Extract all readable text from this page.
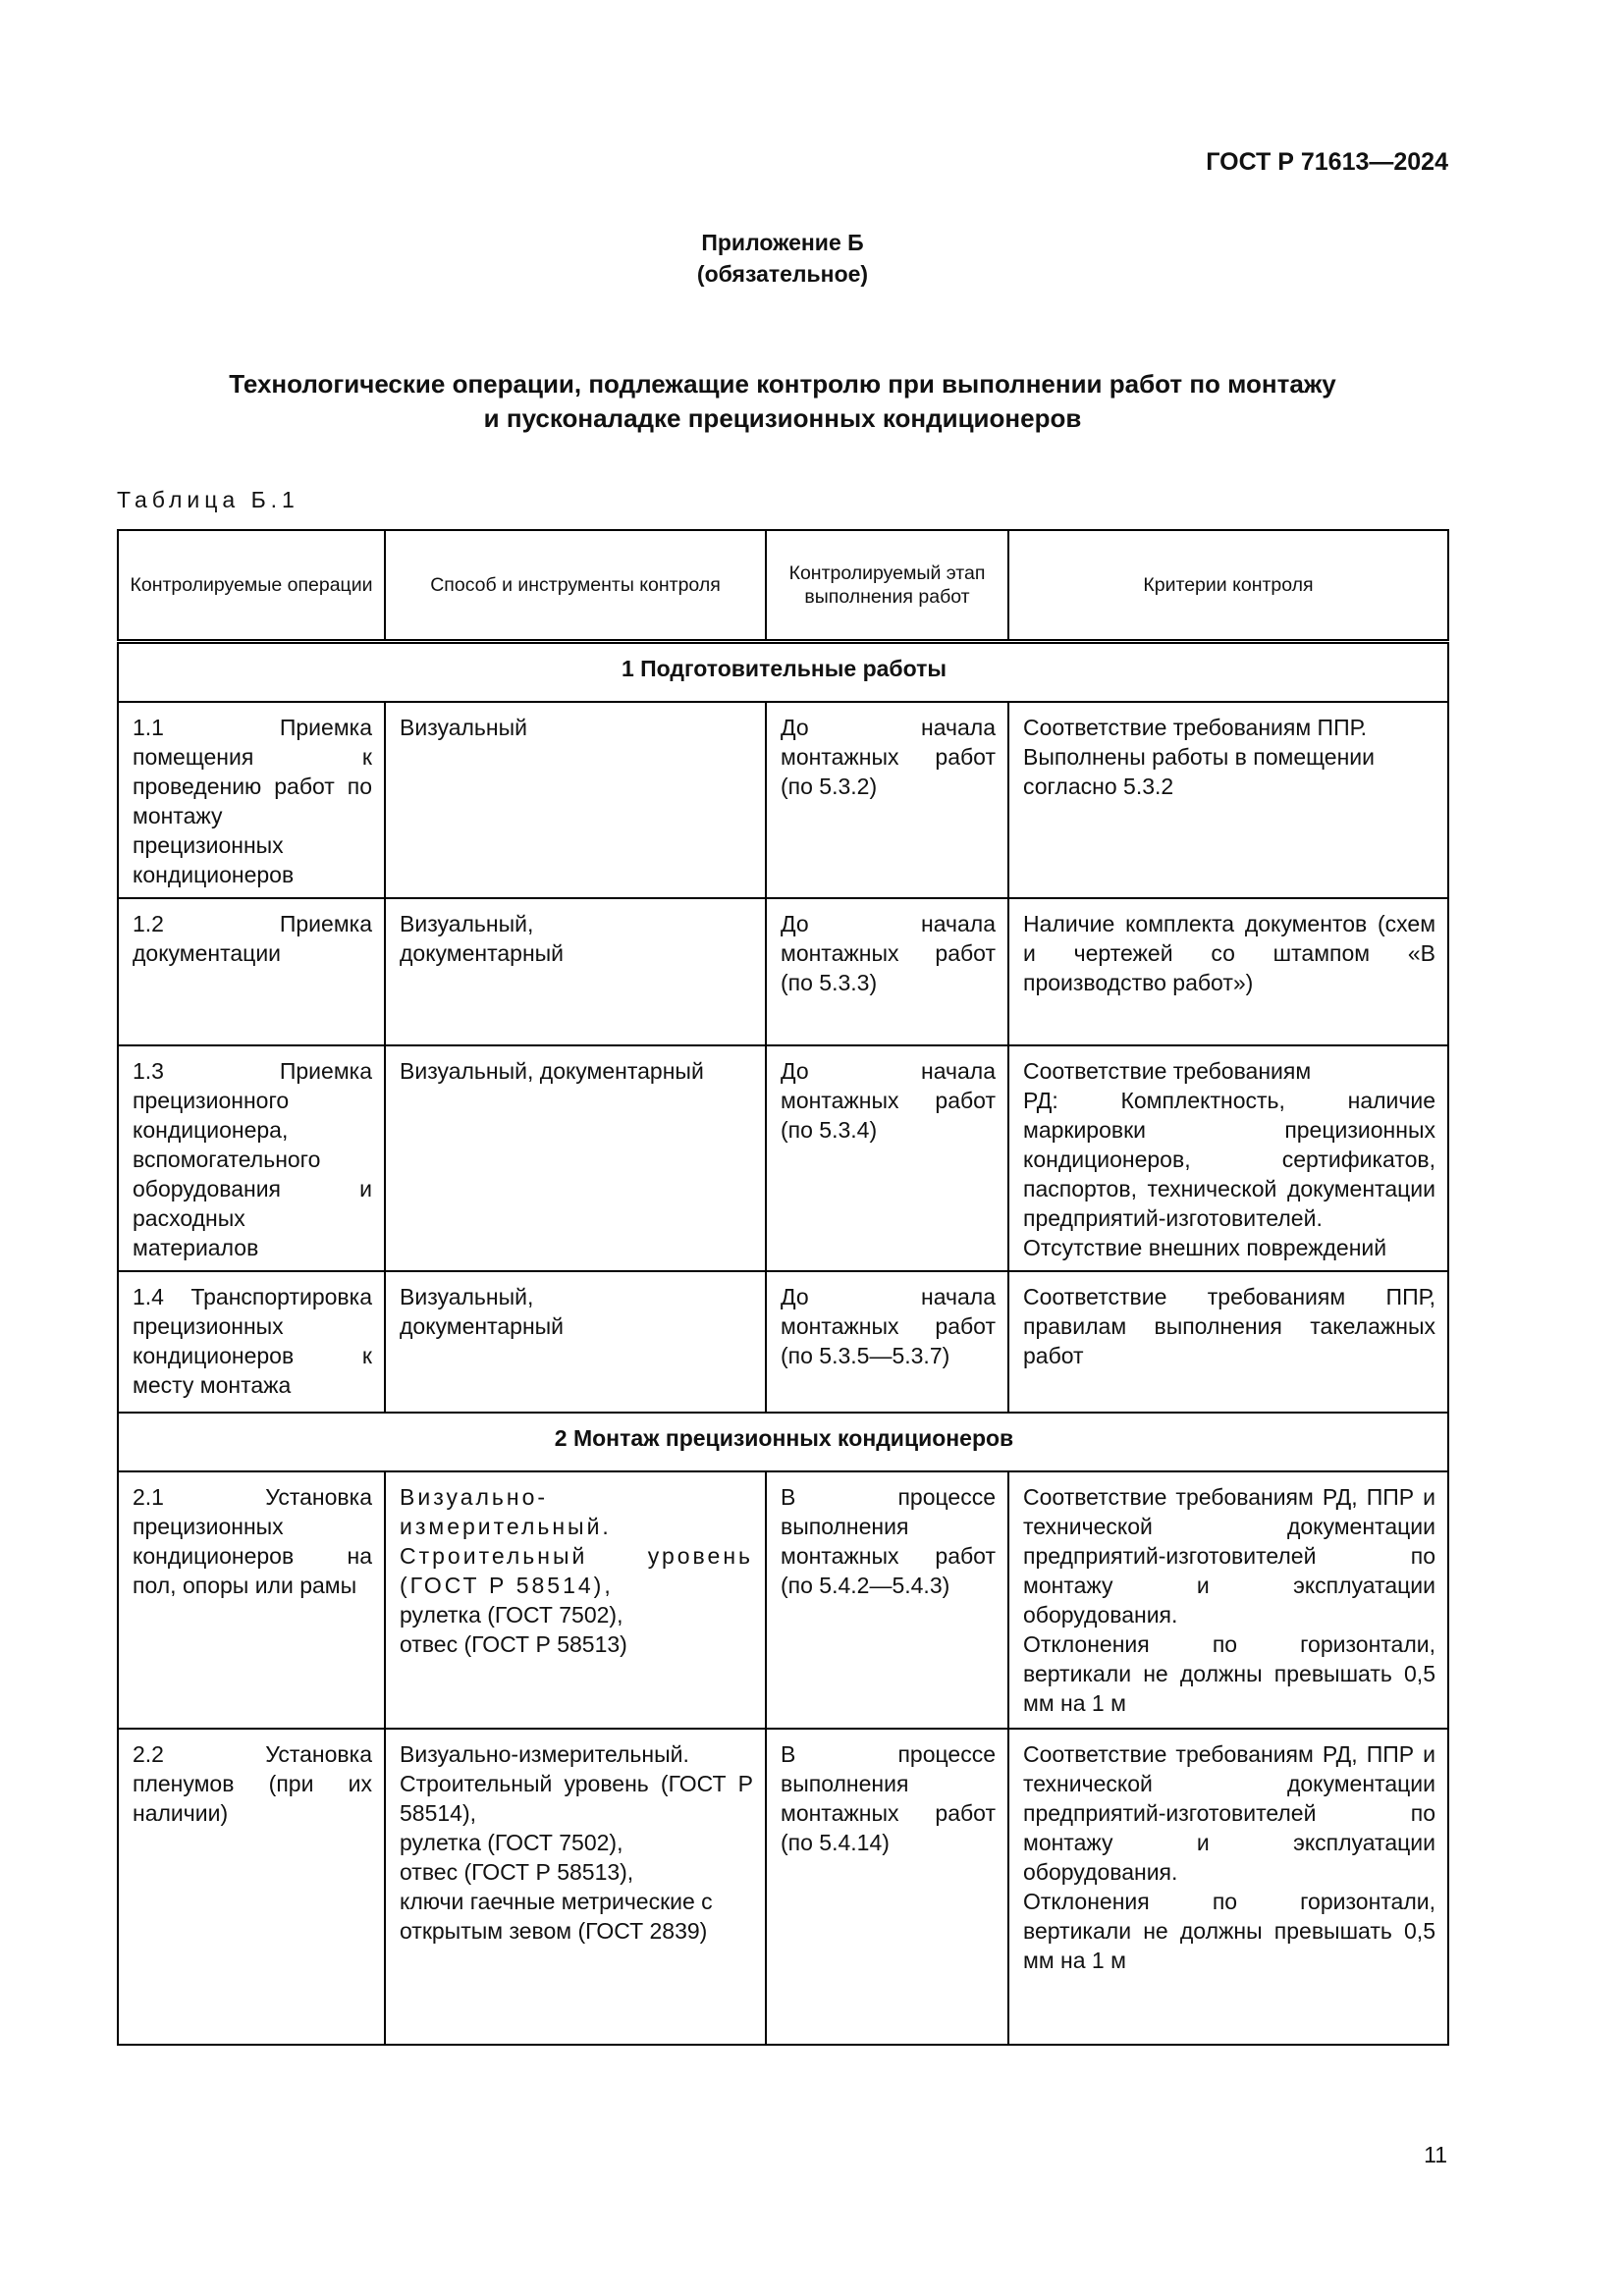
ГОСТ Р 71613—2024
Приложение Б
(обязательное)
Технологические операции, подлежащие контролю при выполнении работ по монтажу
и пусконаладке прецизионных кондиционеров
Таблица Б.1
Контролируемые операции	Способ и инструменты контроля	Контролируемый этап выполнения работ	Критерии контроля
1 Подготовительные работы			
1.1 Приемка помещения к проведению работ по монтажу прецизионных кондиционеров	Визуальный	До начала монтажных работ (по 5.3.2)	Соответствие требованиям ППР.
Выполнены работы в помещении согласно 5.3.2

1.2 Приемка документации	Визуальный,
документарный	До начала монтажных работ (по 5.3.3)	Наличие комплекта документов (схем и чертежей со штампом «В производство работ»)
1.3 Приемка прецизионного кондиционера, вспомогательного оборудования и расходных материалов	Визуальный, документарный	До начала монтажных работ (по 5.3.4)	Соответствие требованиям
РД: Комплектность, наличие маркировки прецизионных кондиционеров, сертификатов, паспортов, технической документации предприятий-изготовителей.
Отсутствие внешних повреждений

1.4 Транспортировка прецизионных кондиционеров к месту монтажа	Визуальный,
документарный	До начала монтажных работ (по 5.3.5—5.3.7)	Соответствие требованиям ППР, правилам выполнения такелажных работ
2 Монтаж прецизионных кондиционеров			
2.1 Установка прецизионных кондиционеров на пол, опоры или рамы	Визуально-измерительный. Строительный уровень (ГОСТ Р 58514),
рулетка (ГОСТ 7502),
отвес (ГОСТ Р 58513)	В процессе выполнения монтажных работ (по 5.4.2—5.4.3)	Соответствие требованиям РД, ППР и технической документации предприятий-изготовителей по монтажу и эксплуатации оборудования.
Отклонения по горизонтали, вертикали не должны превышать 0,5 мм на 1 м

2.2 Установка пленумов (при их наличии)	Визуально-измерительный.
Строительный уровень (ГОСТ Р 58514),
рулетка (ГОСТ 7502),
отвес (ГОСТ Р 58513),
ключи гаечные метрические с открытым зевом (ГОСТ 2839)	В процессе выполнения монтажных работ (по 5.4.14)	Соответствие требованиям РД, ППР и технической документации предприятий-изготовителей по монтажу и эксплуатации оборудования.
Отклонения по горизонтали, вертикали не должны превышать 0,5 мм на 1 м
11
